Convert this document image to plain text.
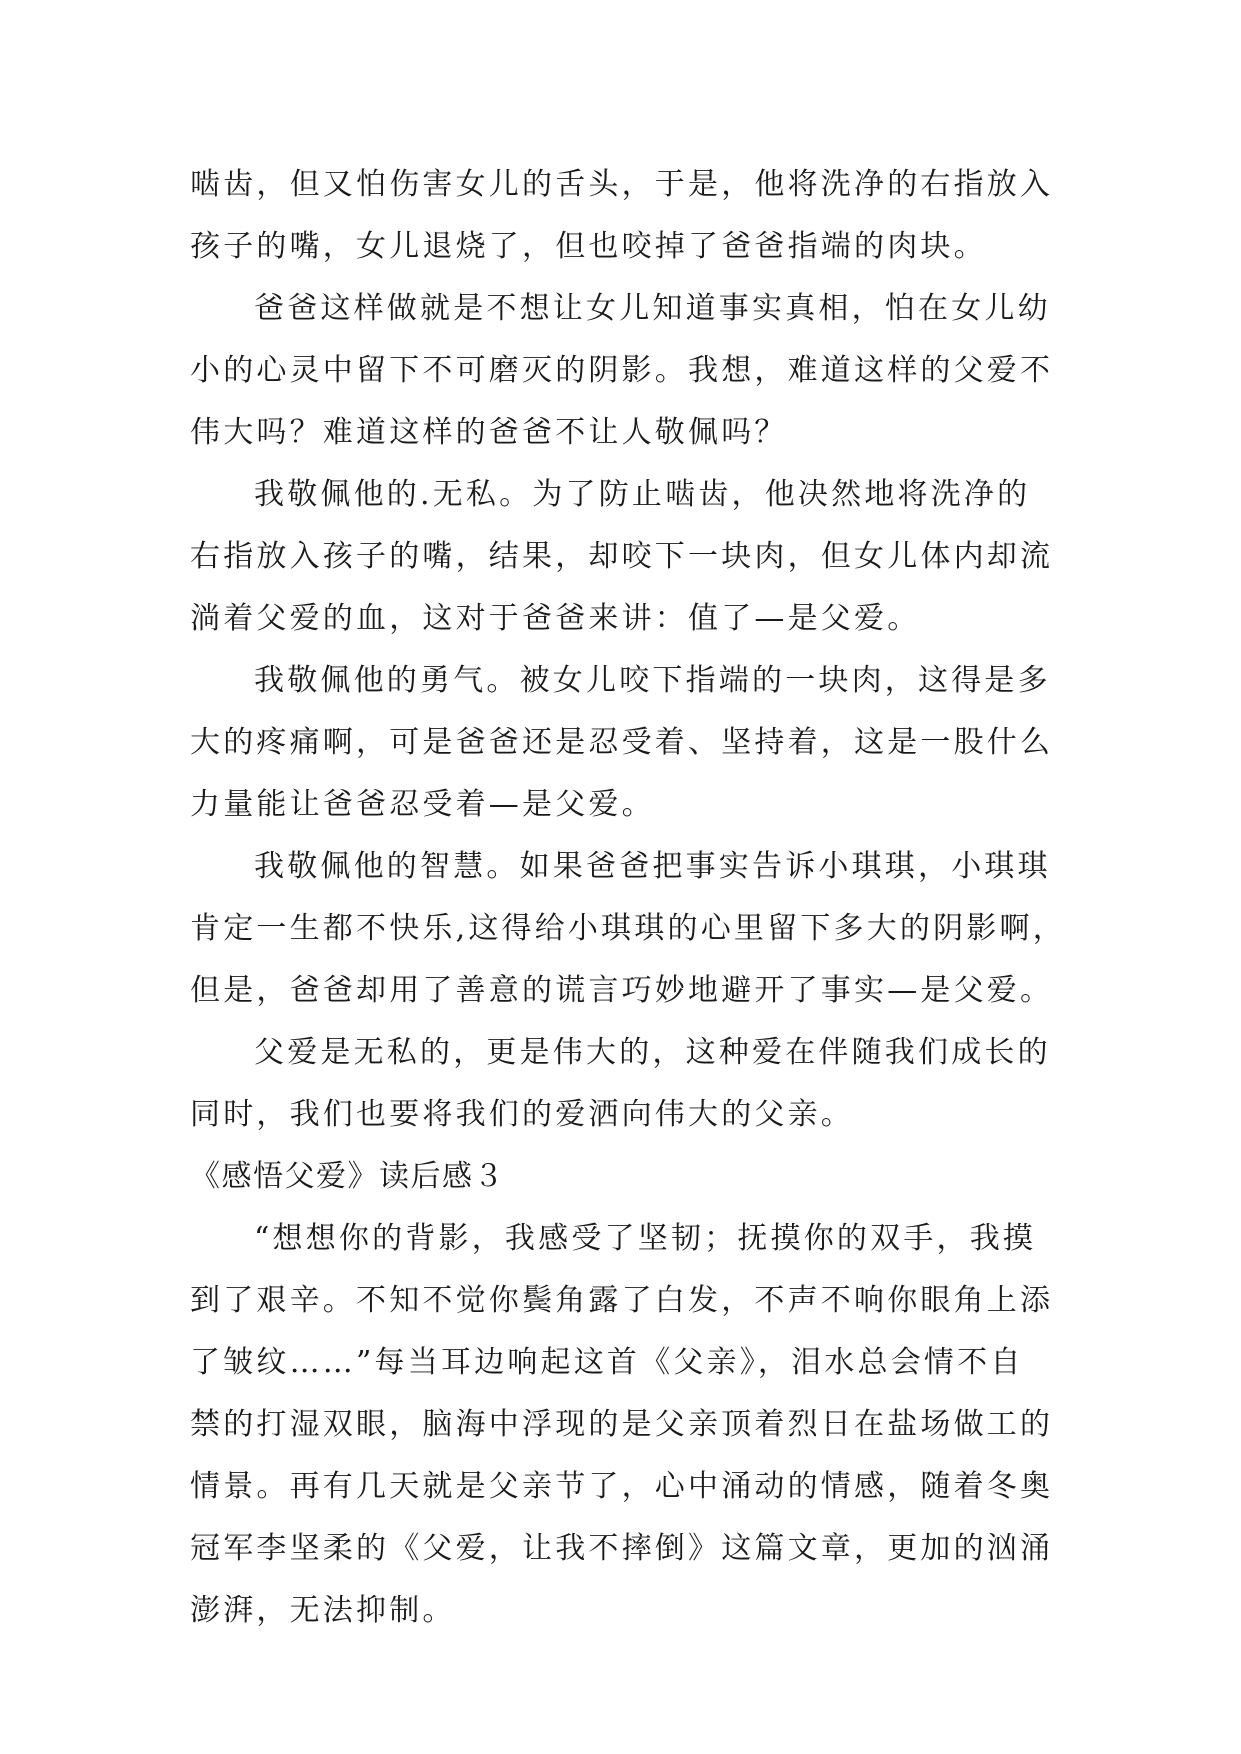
啮齿，但又怕伤害女儿的舌头，于是，他将洗净的右指放入
孩子的嘴，女儿退烧了，但也咬掉了爸爸指端的肉块。
爸爸这样做就是不想让女儿知道事实真相，怕在女儿幼
小的心灵中留下不可磨灭的阴影。我想，难道这样的父爱不
伟大吗？难道这样的爸爸不让人敬佩吗？
我敬佩他的.无私。为了防止啮齿，他决然地将洗净的
右指放入孩子的嘴，结果，却咬下一块肉，但女儿体内却流
淌着父爱的血，这对于爸爸来讲：值了—是父爱。
我敬佩他的勇气。被女儿咬下指端的一块肉，这得是多
大的疼痛啊，可是爸爸还是忍受着、坚持着，这是一股什么
力量能让爸爸忍受着—是父爱。
我敬佩他的智慧。如果爸爸把事实告诉小琪琪，小琪琪
肯定一生都不快乐,这得给小琪琪的心里留下多大的阴影啊，
但是，爸爸却用了善意的谎言巧妙地避开了事实—是父爱。
父爱是无私的，更是伟大的，这种爱在伴随我们成长的
同时，我们也要将我们的爱洒向伟大的父亲。
《感悟父爱》读后感３
“想想你的背影，我感受了坚韧；抚摸你的双手，我摸
到了艰辛。不知不觉你鬓角露了白发，不声不响你眼角上添
了皱纹……”每当耳边响起这首《父亲》，泪水总会情不自
禁的打湿双眼，脑海中浮现的是父亲顶着烈日在盐场做工的
情景。再有几天就是父亲节了，心中涌动的情感，随着冬奥
冠军李坚柔的《父爱，让我不摔倒》这篇文章，更加的汹涌
澎湃，无法抑制。
